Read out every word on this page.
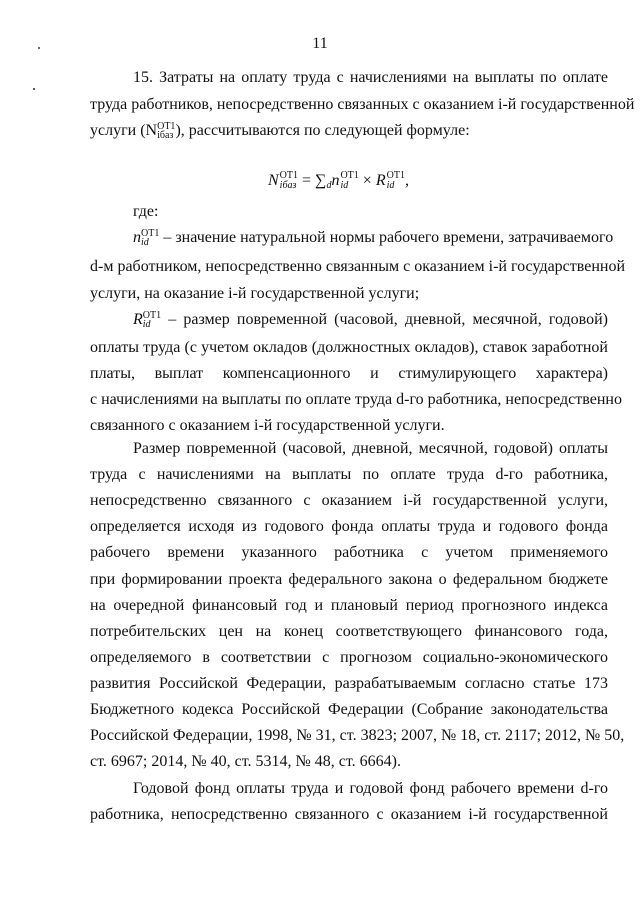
11
15. Затраты на оплату труда с начислениями на выплаты по оплате
труда работников, непосредственно связанных с оказанием i-й государственной
услуги (N ОТ1
iбаз ), рассчитываются по следующей формуле:
N ОТ1
iбаз = ∑dn ОТ1
id × R ОТ1
id ,
где:
n ОТ1
id – значение натуральной нормы рабочего времени, затрачиваемого
d-м работником, непосредственно связанным с оказанием i-й государственной
услуги, на оказание i-й государственной услуги;
R ОТ1
id – размер повременной (часовой, дневной, месячной, годовой)
оплаты труда (с учетом окладов (должностных окладов), ставок заработной
платы, выплат компенсационного и стимулирующего характера)
с начислениями на выплаты по оплате труда d-го работника, непосредственно
связанного с оказанием i-й государственной услуги.
Размер повременной (часовой, дневной, месячной, годовой) оплаты
труда с начислениями на выплаты по оплате труда d-го работника,
непосредственно связанного с оказанием i-й государственной услуги,
определяется исходя из годового фонда оплаты труда и годового фонда
рабочего времени указанного работника с учетом применяемого
при формировании проекта федерального закона о федеральном бюджете
на очередной финансовый год и плановый период прогнозного индекса
потребительских цен на конец соответствующего финансового года,
определяемого в соответствии с прогнозом социально-экономического
развития Российской Федерации, разрабатываемым согласно статье 173
Бюджетного кодекса Российской Федерации (Собрание законодательства
Российской Федерации, 1998, № 31, ст. 3823; 2007, № 18, ст. 2117; 2012, № 50,
ст. 6967; 2014, № 40, ст. 5314, № 48, ст. 6664).
Годовой фонд оплаты труда и годовой фонд рабочего времени d-го
работника, непосредственно связанного с оказанием i-й государственной
